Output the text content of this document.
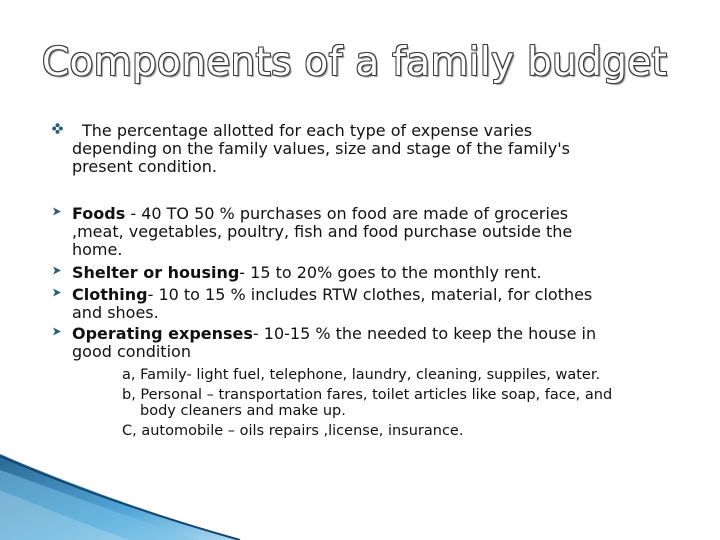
Components of a family budget
The percentage allotted for each type of expense varies
depending on the family values, size and stage of the family's
present condition.
Foods - 40 TO 50 % purchases on food are made of groceries
,meat, vegetables, poultry, fish and food purchase outside the
home.
Shelter or housing- 15 to 20% goes to the monthly rent.
Clothing- 10 to 15 % includes RTW clothes, material, for clothes
and shoes.
Operating expenses- 10-15 % the needed to keep the house in
good condition
a, Family- light fuel, telephone, laundry, cleaning, suppiles, water.
b, Personal – transportation fares, toilet articles like soap, face, and
body cleaners and make up.
C, automobile – oils repairs ,license, insurance.
